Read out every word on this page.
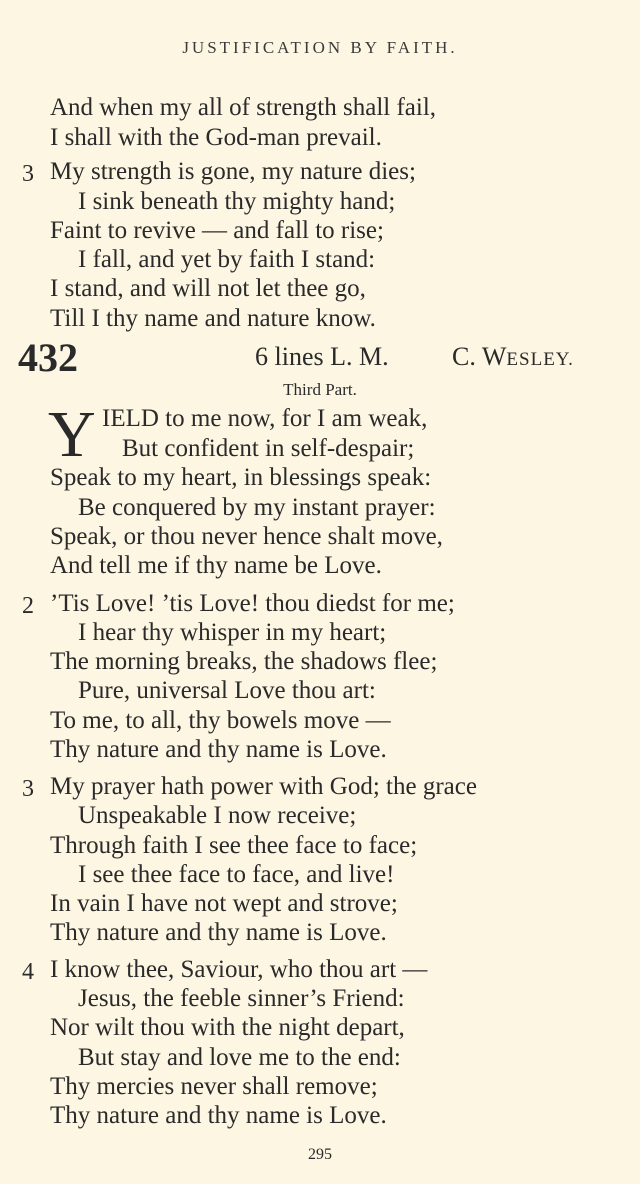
JUSTIFICATION BY FAITH.
And when my all of strength shall fail,
I shall with the God-man prevail.
3 My strength is gone, my nature dies;
I sink beneath thy mighty hand;
Faint to revive — and fall to rise;
I fall, and yet by faith I stand:
I stand, and will not let thee go,
Till I thy name and nature know.
432	6 lines L. M. C. WESLEY.
Third Part.
Y IELD to me now, for I am weak,
But confident in self-despair;
Speak to my heart, in blessings speak:
Be conquered by my instant prayer:
Speak, or thou never hence shalt move,
And tell me if thy name be Love.
2 ’Tis Love! ’tis Love! thou diedst for me;
I hear thy whisper in my heart;
The morning breaks, the shadows flee;
Pure, universal Love thou art:
To me, to all, thy bowels move —
Thy nature and thy name is Love.
3 My prayer hath power with God; the grace
Unspeakable I now receive;
Through faith I see thee face to face;
I see thee face to face, and live!
In vain I have not wept and strove;
Thy nature and thy name is Love.
4 I know thee, Saviour, who thou art —
Jesus, the feeble sinner’s Friend:
Nor wilt thou with the night depart,
But stay and love me to the end:
Thy mercies never shall remove;
Thy nature and thy name is Love.
295
